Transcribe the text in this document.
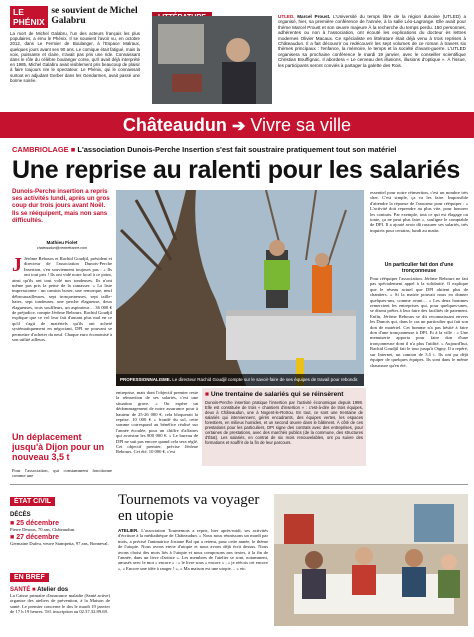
LE PHÉNIX
se souvient de Michel Galabru
La mort de Michel Galabru, l'un des acteurs français les plus populaires, a ému le Phénix. Il se souvient l'avoir vu, en octobre 2012, dans Le Fermier de Boulanger, à l'Espace Malraux, quelques jours avant ses 90 ans. Le comique était fatigué, mais la voix, puissante et claire, n'avait pas pris une ride. Connaissant dans le rôle du célèbre boulanger corse, qu'il avait déjà interprété en 1985, Michel Galabru avait visiblement pris beaucoup de plaisir à faire toujours rire le spectateur. Le Phénix, qui le connaissait surtout en adjudant Gerber dans les Gendarmes, avait passé une bonne soirée.
UTLED. Marcel Proust. L'Université du temps libre de la région dunoise (UTLED) a organisé, hier, sa première conférence de l'année, à la salle Léo-Lagrange. Elle avait pour thème Marcel Proust et son œuvre majeure À la recherche du temps perdu. 150 personnes, adhérentes ou non à l'association, ont écouté les explications du docteur ès lettres modernes Olivier Macaux. Ce spécialiste en littérature était déjà venu à trois reprises à Châteaudun. Il a fait découvrir ou redécouvrir les sept volumes de ce roman à travers six thèmes principaux : l'enfance, la mémoire, le temps et la société d'avant-guerre. L'UTLED organisera sa prochaine conférence le mardi 19 janvier, avec le conseiller scientifique Christian Bouffignac. Il abordera « Le cerveau des illusions, illusions d'optique ». À l'issue, les participants seront conviés à partager la galette des Rois.
Châteaudun ➔ Vivre sa ville
CAMBRIOLAGE ■ L'association Dunois-Perche Insertion s'est fait soustraire pratiquement tout son matériel
Une reprise au ralenti pour les salariés
Dunois-Perche insertion a repris ses activités lundi, après un gros coup dur trois jours avant Noël. Ils se rééquipent, mais non sans difficultés.
Mathieu Fiolet
chateaudun@centrefrance.com
J Jérôme Rebours et Rachid Goudjil, président et directeur de l'association Dunois-Perche Insertion, s'en souviennent toujours pas : « Ils ont tout pris ! Ils ont vidé notre local à ce point, ainsi qu'ils ont tout volé nos tondeuses. Ils n'ont même pas pris la peine de la ramasser. » La liste impressionne : un camion boxer, une remorque, neuf débroussailleuses, sept tronçonneuses, sept taille-haies, sept tondeuses, une perche élagueuse, deux élagueuses, trois souffleurs, un aspirateur… 36 000 € de préjudice, compte Jérôme Rebours. Rachid Goudjil explique que ce vol leur fait d'autant plus mal en ce qu'il s'agit de matériels qu'ils ont acheté systématiquement en négociant, DPI ne pouvant se permettre d'acheter du neuf. Chaque euro économisé à son utilité ailleurs.
PROFESSIONNALISME. Le directeur Rachid Goudjil compte sur le savoir-faire de ses équipes de travail pour rebondir.
essentiel pour notre réinsertion, c'est un nombre très cher. C'est simple, ça va les faire. Impossible d'attendre la réponse de l'assureur pour rééquiper : « L'activité doit reprendre au plus vite, pour honorer les contrats. Par exemple, tout ce qui est élagage ou tonte, ça ne peut plus faire », souligne le comptable de DPI. Il a ajouté avoir dû rassurer ses salariés, très inquiets pour certains, lundi au matin.
Un particulier fait don d'une tronçonneuse
Pour rééquiper l'association, Jérôme Rebours ne fait pas spécialement appel à la solidarité. Il explique que le réseau actuel que DPI obtient plus de chantiers. « Si la mairie pouvait nous en donner quelques-uns, comme avant… » Les deux hommes remercient les entreprises qui, pour quelques-unes, se disent prêtes à leur faire des facilités de paiement. Enfin, Jérôme Rebours se dit reconnaissant envers les Dunois qui, dans le cas un particulier qui fait son don de matériel. Cet homme n'a pas hésité à faire don d'une tronçonneuse à DPI. Et à la ville : « Une menuiserie apporta pour faire don d'une tronçonneuse dont il n'a plus l'utilité. » Aujourd'hui, Rachid Goudjil fait le tour jusqu'à Oigny. Il a repéré, sur Internet, un camion de 3,5 t. Ils ont pu déjà équiper de quelques équipes. Ils sont dans le même chaussure qu'en été.
entreprise, mais dont l'objectif premier reste la réinsertion de ses salariés, c'est une situation grave. « On espère un dédommagement de notre assurance pour à hauteur de 25-26 000 €, cela bloquerait la reprise. 10 000 € « frondé du sol, cette somme correspond au bénéfice réalisé sur l'année écoulée, pour un chiffre d'affaires qui avoisine les 800 000 €. » Le bureau de DPI ne sait pas encore quand cela sera réglé. Cet objectif premier, précise Jérôme Rebours. Cet été, 10 000 €, c'est
■ Une trentaine de salariés qui se réinsèrent
Dunois-Perche insertion pratique l'insertion par l'activité économique depuis 1998. Elle est constituée de trois « chantiers d'insertion » : c'est-à-dire de trois équipes, deux à Châteaudun, une à Nogent-le-Rotrou. En tout, ce sont une trentaine de salariés qui interviennent, gérés encadrants, des équipes vertes, les espaces forestiers, en milieux humides, et un second œuvre dans le bâtiment. À côté de ces prestations pour les particuliers, DPI signe des contrats avec des entreprises, pour certaines de prestations, avec des marchés publics (de la commune, des structures d'État). Les salariés, en contrat de six mois renouvelables, ont pu suivre des formations et souffrir de la fin de leur parcours.
Un déplacement jusqu'à Dijon pour un nouveau 3,5 t
Pour l'association, qui constamment fonctionne comme une
ÉTAT CIVIL
DÉCÈS
■ 25 décembre
Pierre Desnus, 70 ans, Châteaudun.
■ 27 décembre
Germaine Dufeu, veuve Stampetta, 97 ans, Bonneval.
EN BREF
SANTÉ ■ Atelier dos
La Caisse primaire d'assurance maladie (Santé active) organise des ateliers de prévention, à la Maison de santé. Le premier concerne le dos le mardi 19 janvier de 17 h 19 heures. Tél. inscription au 02.37.32.89.69.
Tournemots va voyager en utopie
ATELIER. L'association Tournemots a repris, hier après-midi, ses activités d'écriture à la médiathèque de Châteaudun. « Nous nous réunissons un mardi par mois, a précisé l'animatrice Josiane Bal qui a retenu, pour cette année, le thème de l'utopie. Nous avons envie d'utopie et nous avons déjà écrit dessus. Nous avons choisi des mots liés à l'utopie et nous composons nos textes, à la fin de l'année, dans un livre d'artiste ». Les membres de l'atelier se sont, notamment, amusés avec le mot « encore » : « le livre sous « encore » ; « je réécris cet encore », « Encore une idée à ranger ! », « Ma maison est une utopie… » etc.
